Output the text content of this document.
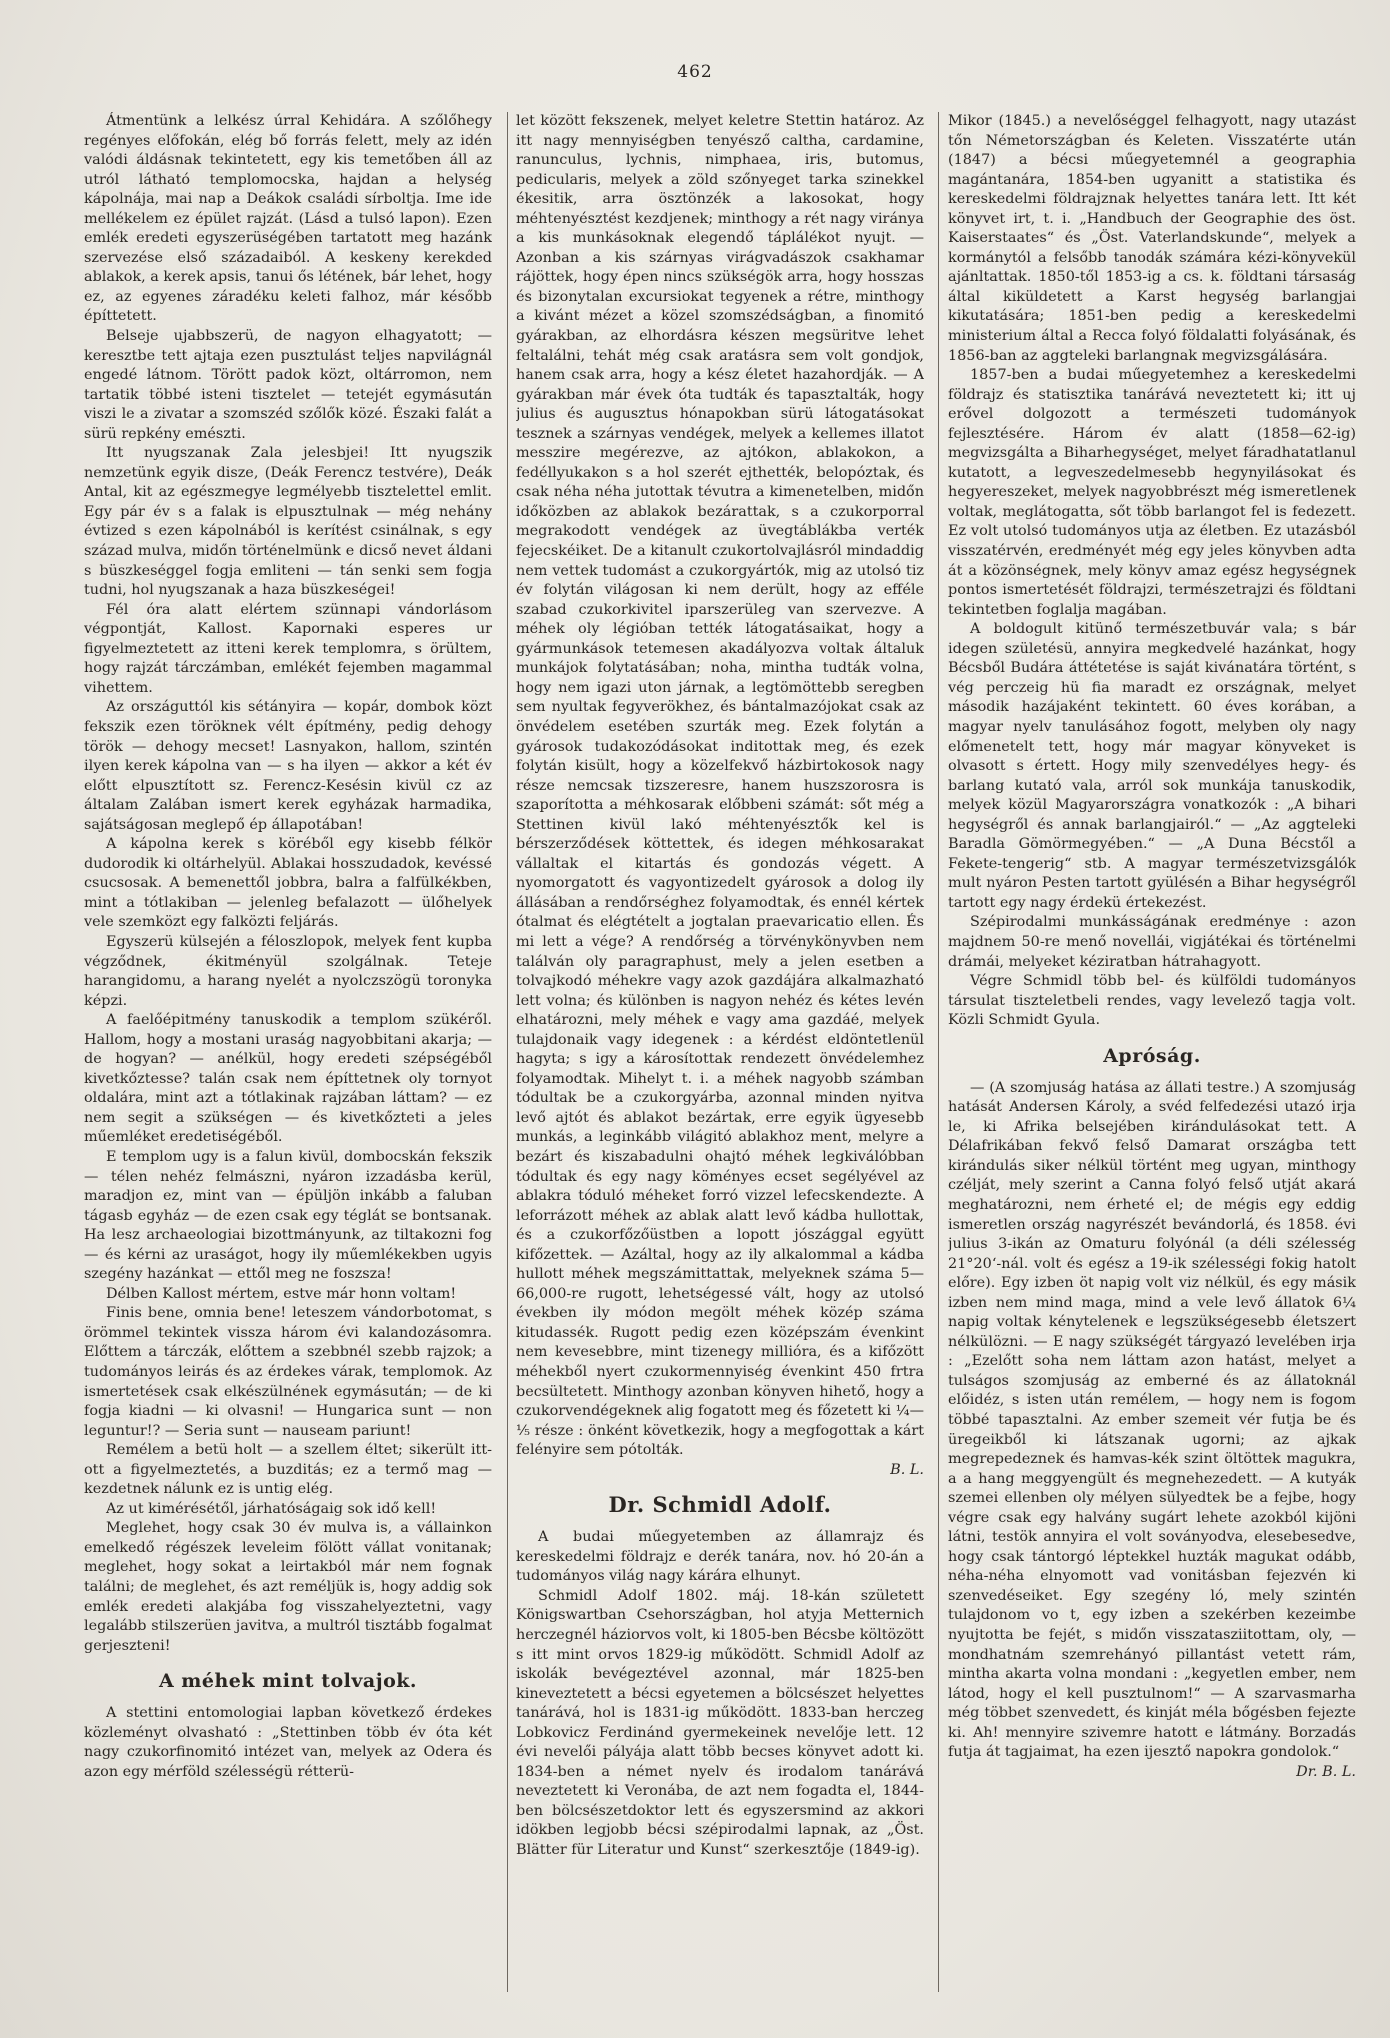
462

Átmentünk a lelkész úrral Kehidára. A szőlőhegy regényes előfokán, elég bő forrás felett, mely az idén valódi áldásnak tekintetett, egy kis temetőben áll az utról látható templomocska, hajdan a helység kápolnája, mai nap a Deákok családi sírboltja. Ime ide mellékelem ez épület rajzát. (Lásd a tulsó lapon). Ezen emlék eredeti egyszerüségében tartatott meg hazánk szervezése első századaiból. A keskeny kerekded ablakok, a kerek apsis, tanui ős létének, bár lehet, hogy ez, az egyenes záradéku keleti falhoz, már később építtetett.

Belseje ujabbszerü, de nagyon elhagyatott; — keresztbe tett ajtaja ezen pusztulást teljes napvilágnál engedé látnom. Törött padok közt, oltárromon, nem tartatik többé isteni tisztelet — tetejét egymásután viszi le a zivatar a szomszéd szőlők közé. Északi falát a sürü repkény emészti.

Itt nyugszanak Zala jelesbjei! Itt nyugszik nemzetünk egyik disze, (Deák Ferencz testvére), Deák Antal, kit az egészmegye legmélyebb tisztelettel emlit. Egy pár év s a falak is elpusztulnak — még nehány évtized s ezen kápolnából is kerítést csinálnak, s egy század mulva, midőn történelmünk e dicső nevet áldani s büszkeséggel fogja emliteni — tán senki sem fogja tudni, hol nyugszanak a haza büszkeségei!

Fél óra alatt elértem szünnapi vándorlásom végpontját, Kallost. Kapornaki esperes ur figyelmeztetett az itteni kerek templomra, s örültem, hogy rajzát tárczámban, emlékét fejemben magammal vihettem.

Az országuttól kis sétányira — kopár, dombok közt fekszik ezen töröknek vélt építmény, pedig dehogy török — dehogy mecset! Lasnyakon, hallom, szintén ilyen kerek kápolna van — s ha ilyen — akkor a két év előtt elpusztított sz. Ferencz-Kesésin kivül cz az általam Zalában ismert kerek egyházak harmadika, sajátságosan meglepő ép állapotában!

A kápolna kerek s köréből egy kisebb félkör dudorodik ki oltárhelyül. Ablakai hosszudadok, kevéssé csucsosak. A bemenettől jobbra, balra a falfülkékben, mint a tótlakiban — jelenleg befalazott — ülőhelyek vele szemközt egy falközti feljárás.

Egyszerü külsején a féloszlopok, melyek fent kupba végződnek, ékitményül szolgálnak. Teteje harangidomu, a harang nyelét a nyolczszögü toronyka képzi.

A faelőépitmény tanuskodik a templom szükéről. Hallom, hogy a mostani uraság nagyobbitani akarja; — de hogyan? — anélkül, hogy eredeti szépségéből kivetkőztesse? talán csak nem építtetnek oly tornyot oldalára, mint azt a tótlakinak rajzában láttam? — ez nem segit a szükségen — és kivetkőzteti a jeles műemléket eredetiségéből.

E templom ugy is a falun kivül, dombocskán fekszik — télen nehéz felmászni, nyáron izzadásba kerül, maradjon ez, mint van — épüljön inkább a faluban tágasb egyház — de ezen csak egy téglát se bontsanak. Ha lesz archaeologiai bizottmányunk, az tiltakozni fog — és kérni az uraságot, hogy ily műemlékekben ugyis szegény hazánkat — ettől meg ne foszsza!

Délben Kallost mértem, estve már honn voltam!

Finis bene, omnia bene! leteszem vándorbotomat, s örömmel tekintek vissza három évi kalandozásomra. Előttem a tárczák, előttem a szebbnél szebb rajzok; a tudományos leirás és az érdekes várak, templomok. Az ismertetések csak elkészülnének egymásután; — de ki fogja kiadni — ki olvasni! — Hungarica sunt — non leguntur!? — Seria sunt — nauseam pariunt!

Remélem a betü holt — a szellem éltet; sikerült itt-ott a figyelmeztetés, a buzditás; ez a termő mag — kezdetnek nálunk ez is untig elég.

Az ut kimérésétől, járhatóságaig sok idő kell!

Meglehet, hogy csak 30 év mulva is, a vállainkon emelkedő régészek leveleim fölött vállat vonitanak; meglehet, hogy sokat a leirtakból már nem fognak találni; de meglehet, és azt reméljük is, hogy addig sok emlék eredeti alakjába fog visszahelyeztetni, vagy legalább stilszerüen javitva, a multról tisztább fogalmat gerjeszteni!

A méhek mint tolvajok.

A stettini entomologiai lapban következő érdekes közleményt olvasható : „Stettinben több év óta két nagy czukorfinomitó intézet van, melyek az Odera és azon egy mérföld szélességü rétterü-

let között fekszenek, melyet keletre Stettin határoz. Az itt nagy mennyiségben tenyésző caltha, cardamine, ranunculus, lychnis, nimphaea, iris, butomus, pedicularis, melyek a zöld szőnyeget tarka szinekkel ékesitik, arra ösztönzék a lakosokat, hogy méhtenyésztést kezdjenek; minthogy a rét nagy viránya a kis munkásoknak elegendő táplálékot nyujt. — Azonban a kis szárnyas virágvadászok csakhamar rájöttek, hogy épen nincs szükségök arra, hogy hosszas és bizonytalan excursiokat tegyenek a rétre, minthogy a kivánt mézet a közel szomszédságban, a finomitó gyárakban, az elhordásra készen megsüritve lehet feltalálni, tehát még csak aratásra sem volt gondjok, hanem csak arra, hogy a kész életet hazahordják. — A gyárakban már évek óta tudták és tapasztalták, hogy julius és augusztus hónapokban sürü látogatásokat tesznek a szárnyas vendégek, melyek a kellemes illatot messzire megérezve, az ajtókon, ablakokon, a fedéllyukakon s a hol szerét ejthették, belopóztak, és csak néha néha jutottak tévutra a kimenetelben, midőn időközben az ablakok bezárattak, s a czukorporral megrakodott vendégek az üvegtáblákba verték fejecskéiket. De a kitanult czukortolvajlásról mindaddig nem vettek tudomást a czukorgyártók, mig az utolsó tiz év folytán világosan ki nem derült, hogy az efféle szabad czukorkivitel iparszerüleg van szervezve. A méhek oly légióban tették látogatásaikat, hogy a gyármunkások tetemesen akadályozva voltak általuk munkájok folytatásában; noha, mintha tudták volna, hogy nem igazi uton járnak, a legtömöttebb seregben sem nyultak fegyverökhez, és bántalmazójokat csak az önvédelem esetében szurták meg. Ezek folytán a gyárosok tudakozódásokat inditottak meg, és ezek folytán kisült, hogy a közelfekvő házbirtokosok nagy része nemcsak tizszeresre, hanem huszszorosra is szaporította a méhkosarak előbbeni számát: sőt még a Stettinen kivül lakó méhtenyésztők kel is bérszerződések köttettek, és idegen méhkosarakat vállaltak el kitartás és gondozás végett. A nyomorgatott és vagyontizedelt gyárosok a dolog ily állásában a rendőrséghez folyamodtak, és ennél kértek ótalmat és elégtételt a jogtalan praevaricatio ellen. És mi lett a vége? A rendőrség a törvénykönyvben nem találván oly paragraphust, mely a jelen esetben a tolvajkodó méhekre vagy azok gazdájára alkalmazható lett volna; és különben is nagyon nehéz és kétes levén elhatározni, mely méhek e vagy ama gazdáé, melyek tulajdonaik vagy idegenek : a kérdést eldöntetlenül hagyta; s igy a károsítottak rendezett önvédelemhez folyamodtak. Mihelyt t. i. a méhek nagyobb számban tódultak be a czukorgyárba, azonnal minden nyitva levő ajtót és ablakot bezártak, erre egyik ügyesebb munkás, a leginkább világitó ablakhoz ment, melyre a bezárt és kiszabadulni ohajtó méhek legkiválóbban tódultak és egy nagy köményes ecset segélyével az ablakra tóduló méheket forró vizzel lefecskendezte. A leforrázott méhek az ablak alatt levő kádba hullottak, és a czukorfőzőüstben a lopott jószággal együtt kifőzettek. — Azáltal, hogy az ily alkalommal a kádba hullott méhek megszámittattak, melyeknek száma 5—66,000-re rugott, lehetségessé vált, hogy az utolsó években ily módon megölt méhek közép száma kitudassék. Rugott pedig ezen középszám évenkint nem kevesebbre, mint tizenegy millióra, és a kifőzött méhekből nyert czukormennyiség évenkint 450 frtra becsültetett. Minthogy azonban könyven hihető, hogy a czukorvendégeknek alig fogatott meg és főzetett ki ¼—⅕ része : önként következik, hogy a megfogottak a kárt felényire sem pótolták.

B. L.

Dr. Schmidl Adolf.

A budai műegyetemben az államrajz és kereskedelmi földrajz e derék tanára, nov. hó 20-án a tudományos világ nagy kárára elhunyt.

Schmidl Adolf 1802. máj. 18-kán született Königswartban Csehországban, hol atyja Metternich herczegnél háziorvos volt, ki 1805-ben Bécsbe költözött s itt mint orvos 1829-ig működött. Schmidl Adolf az iskolák bevégeztével azonnal, már 1825-ben kineveztetett a bécsi egyetemen a bölcsészet helyettes tanárává, hol is 1831-ig működött. 1833-ban herczeg Lobkovicz Ferdinánd gyermekeinek nevelője lett. 12 évi nevelői pályája alatt több becses könyvet adott ki. 1834-ben a német nyelv és irodalom tanárává neveztetett ki Veronába, de azt nem fogadta el, 1844-ben bölcsészetdoktor lett és egyszersmind az akkori idökben legjobb bécsi szépirodalmi lapnak, az „Öst. Blätter für Literatur und Kunst“ szerkesztője (1849-ig).

Mikor (1845.) a nevelőséggel felhagyott, nagy utazást tőn Németországban és Keleten. Visszatérte után (1847) a bécsi műegyetemnél a geographia magántanára, 1854-ben ugyanitt a statistika és kereskedelmi földrajznak helyettes tanára lett. Itt két könyvet irt, t. i. „Handbuch der Geographie des öst. Kaiserstaates“ és „Öst. Vaterlandskunde“, melyek a kormánytól a felsőbb tanodák számára kézi-könyvekül ajánltattak. 1850-től 1853-ig a cs. k. földtani társaság által kiküldetett a Karst hegység barlangjai kikutatására; 1851-ben pedig a kereskedelmi ministerium által a Recca folyó földalatti folyásának, és 1856-ban az aggteleki barlangnak megvizsgálására.

1857-ben a budai műegyetemhez a kereskedelmi földrajz és statisztika tanárává neveztetett ki; itt uj erővel dolgozott a természeti tudományok fejlesztésére. Három év alatt (1858—62-ig) megvizsgálta a Biharhegységet, melyet fáradhatatlanul kutatott, a legveszedelmesebb hegynyilásokat és hegyereszeket, melyek nagyobbrészt még ismeretlenek voltak, meglátogatta, sőt több barlangot fel is fedezett. Ez volt utolsó tudományos utja az életben. Ez utazásból visszatérvén, eredményét még egy jeles könyvben adta át a közönségnek, mely könyv amaz egész hegységnek pontos ismertetését földrajzi, természetrajzi és földtani tekintetben foglalja magában.

A boldogult kitünő természetbuvár vala; s bár idegen születésü, annyira megkedvelé hazánkat, hogy Bécsből Budára áttétetése is saját kivánatára történt, s vég perczeig hü fia maradt ez országnak, melyet második hazájaként tekintett. 60 éves korában, a magyar nyelv tanulásához fogott, melyben oly nagy előmenetelt tett, hogy már magyar könyveket is olvasott s értett. Hogy mily szenvedélyes hegy- és barlang kutató vala, arról sok munkája tanuskodik, melyek közül Magyarországra vonatkozók : „A bihari hegységről és annak barlangjairól.“ — „Az aggteleki Baradla Gömörmegyében.“ — „A Duna Bécstől a Fekete-tengerig“ stb. A magyar természetvizsgálók mult nyáron Pesten tartott gyülésén a Bihar hegységről tartott egy nagy érdekü értekezést.

Szépirodalmi munkásságának eredménye : azon majdnem 50-re menő novellái, vigjátékai és történelmi drámái, melyeket kéziratban hátrahagyott.

Végre Schmidl több bel- és külföldi tudományos társulat tiszteletbeli rendes, vagy levelező tagja volt. Közli Schmidt Gyula.

Apróság.

— (A szomjuság hatása az állati testre.) A szomjuság hatását Andersen Károly, a svéd felfedezési utazó irja le, ki Afrika belsejében kirándulásokat tett. A Délafrikában fekvő felső Damarat országba tett kirándulás siker nélkül történt meg ugyan, minthogy czélját, mely szerint a Canna folyó felső utját akará meghatározni, nem érheté el; de mégis egy eddig ismeretlen ország nagyrészét bevándorlá, és 1858. évi julius 3-ikán az Omaturu folyónál (a déli szélesség 21°20‘-nál. volt és egész a 19-ik szélességi fokig hatolt előre). Egy izben öt napig volt viz nélkül, és egy másik izben nem mind maga, mind a vele levő állatok 6¼ napig voltak kénytelenek e legszükségesebb életszert nélkülözni. — E nagy szükségét tárgyazó levelében irja : „Ezelőtt soha nem láttam azon hatást, melyet a tulságos szomjuság az emberné és az állatoknál előidéz, s isten után remélem, — hogy nem is fogom többé tapasztalni. Az ember szemeit vér futja be és üregeikből ki látszanak ugorni; az ajkak megrepedeznek és hamvas-kék szint öltöttek magukra, a a hang meggyengült és megnehezedett. — A kutyák szemei ellenben oly mélyen sülyedtek be a fejbe, hogy végre csak egy halvány sugárt lehete azokból kijöni látni, testök annyira el volt soványodva, elesebesedve, hogy csak tántorgó léptekkel huzták magukat odább, néha-néha elnyomott vad vonitásban fejezvén ki szenvedéseiket. Egy szegény ló, mely szintén tulajdonom vo t, egy izben a szekérben kezeimbe nyujtotta be fejét, s midőn visszatasziitottam, oly, — mondhatnám szemrehányó pillantást vetett rám, mintha akarta volna mondani : „kegyetlen ember, nem látod, hogy el kell pusztulnom!“ — A szarvasmarha még többet szenvedett, és kinját méla bőgésben fejezte ki. Ah! mennyire szivemre hatott e látmány. Borzadás futja át tagjaimat, ha ezen ijesztő napokra gondolok.“

Dr. B. L.
